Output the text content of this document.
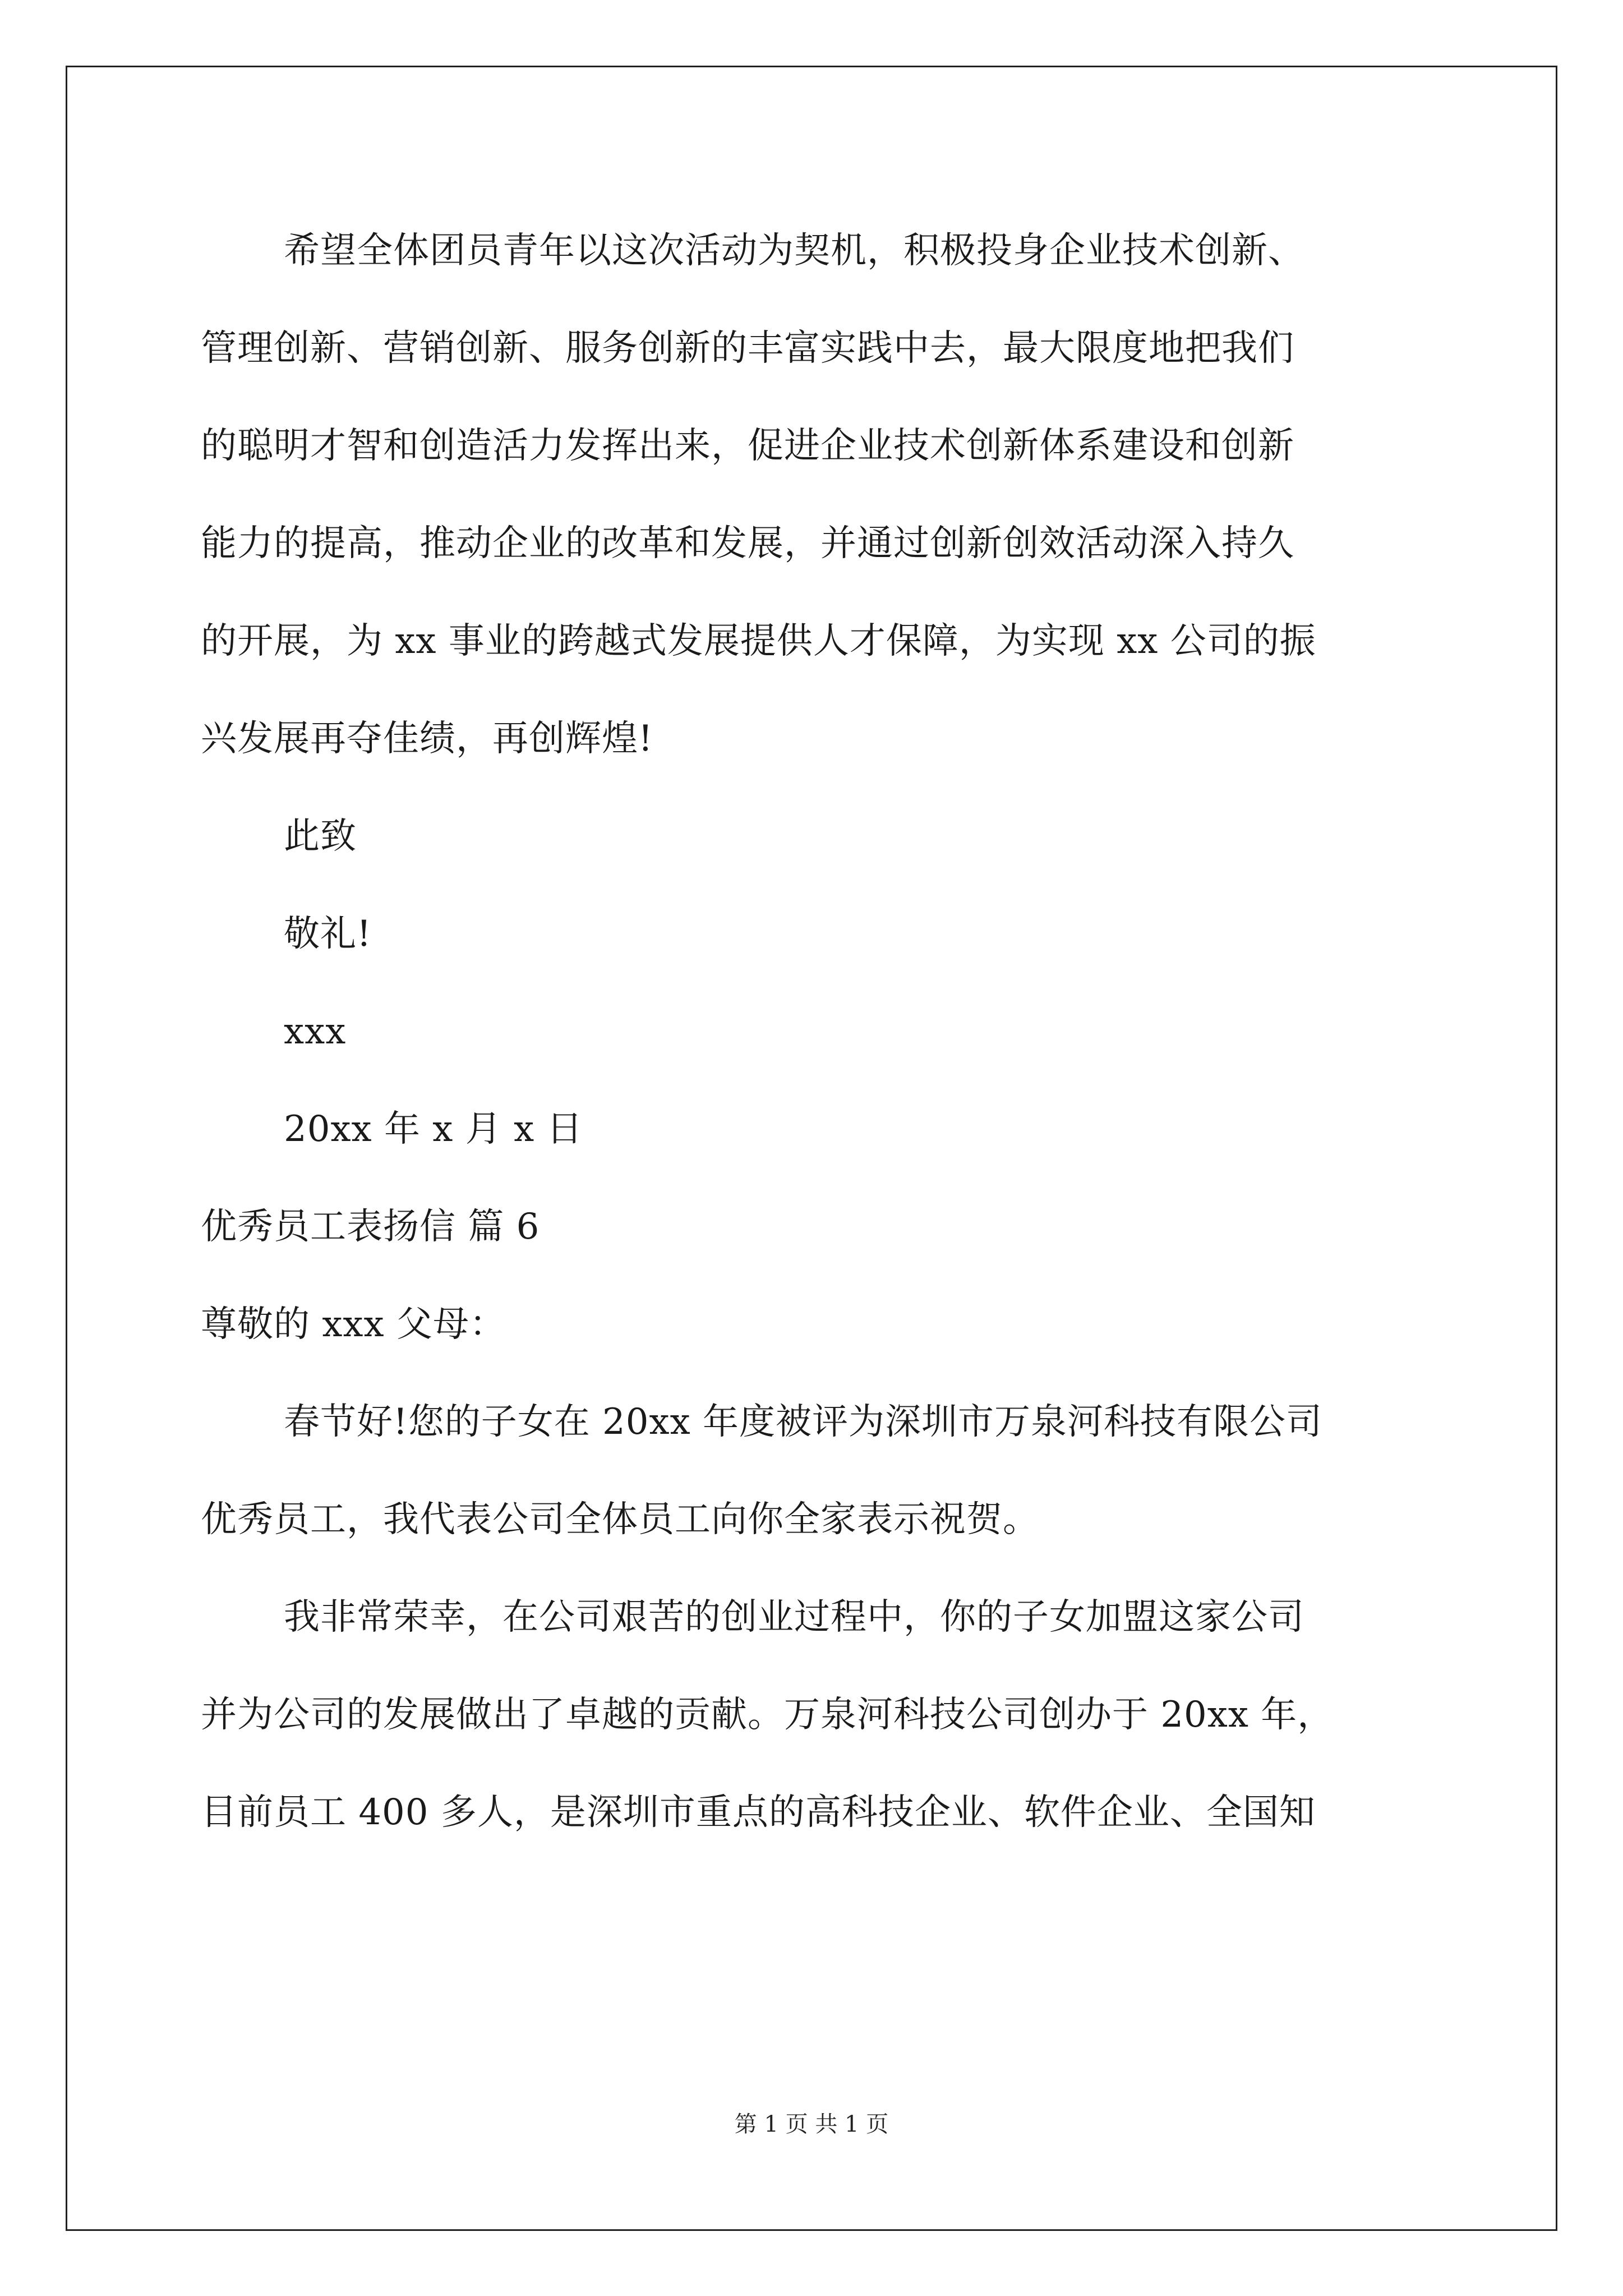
希望全体团员青年以这次活动为契机，积极投身企业技术创新、
管理创新、营销创新、服务创新的丰富实践中去，最大限度地把我们
的聪明才智和创造活力发挥出来，促进企业技术创新体系建设和创新
能力的提高，推动企业的改革和发展，并通过创新创效活动深入持久
的开展，为 xx 事业的跨越式发展提供人才保障，为实现 xx 公司的振
兴发展再夺佳绩，再创辉煌!
此致
敬礼!
xxx
20xx 年 x 月 x 日
优秀员工表扬信 篇 6
尊敬的 xxx 父母：
春节好!您的子女在 20xx 年度被评为深圳市万泉河科技有限公司
优秀员工，我代表公司全体员工向你全家表示祝贺。
我非常荣幸，在公司艰苦的创业过程中，你的子女加盟这家公司
并为公司的发展做出了卓越的贡献。万泉河科技公司创办于 20xx 年，
目前员工 400 多人，是深圳市重点的高科技企业、软件企业、全国知
第 1 页 共 1 页
